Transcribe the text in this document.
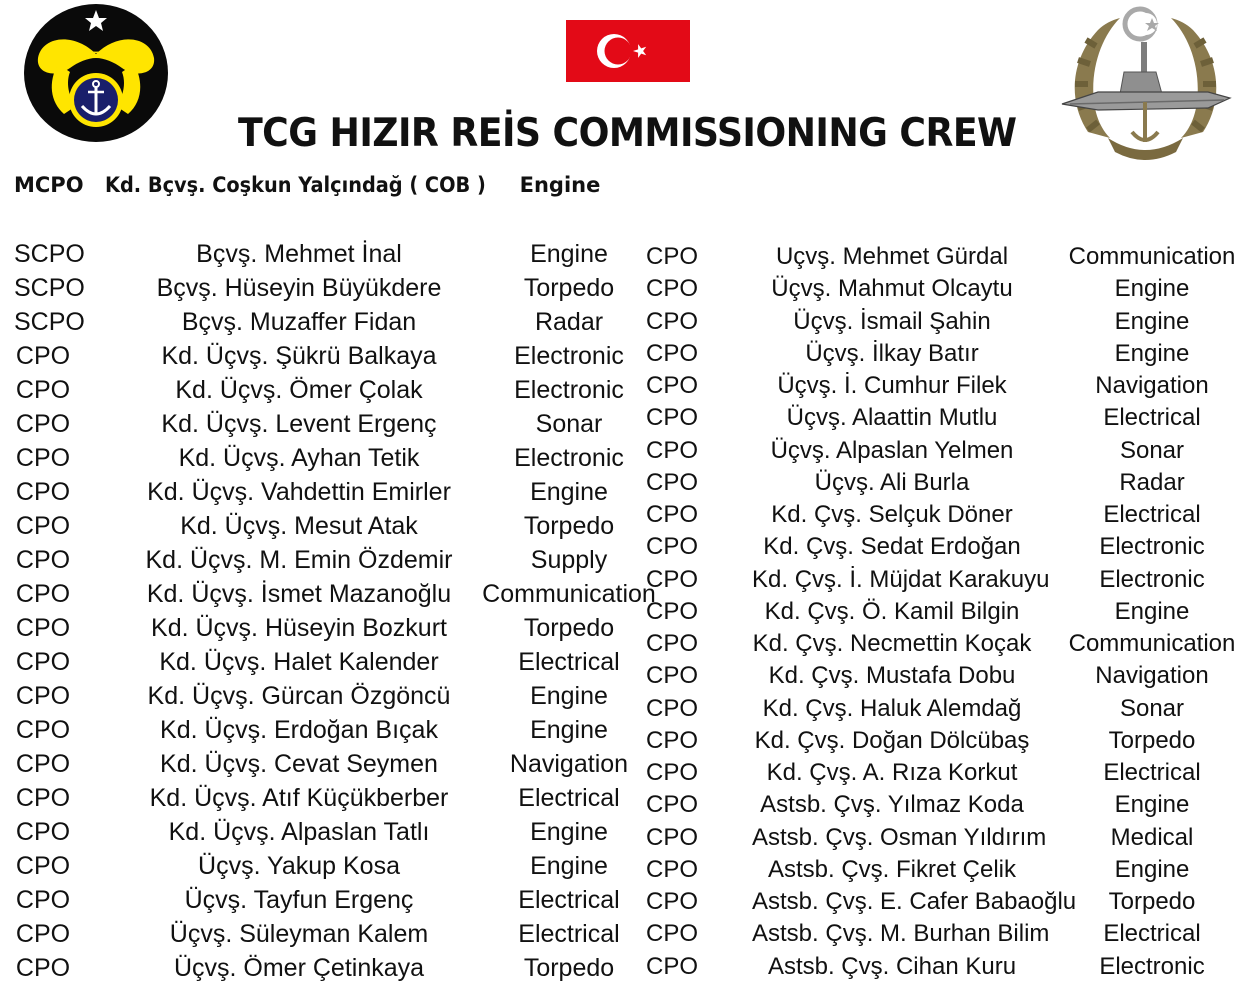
TCG HIZIR REİS COMMISSIONING CREW
MCPO	Kd. Bçvş. Coşkun Yalçındağ ( COB )	Engine
SCPO	Bçvş. Mehmet İnal	Engine
SCPO	Bçvş. Hüseyin Büyükdere	Torpedo
SCPO	Bçvş. Muzaffer Fidan	Radar
CPO	Kd. Üçvş. Şükrü Balkaya	Electronic
CPO	Kd. Üçvş. Ömer Çolak	Electronic
CPO	Kd. Üçvş. Levent Ergenç	Sonar
CPO	Kd. Üçvş. Ayhan Tetik	Electronic
CPO	Kd. Üçvş. Vahdettin Emirler	Engine
CPO	Kd. Üçvş. Mesut Atak	Torpedo
CPO	Kd. Üçvş. M. Emin Özdemir	Supply
CPO	Kd. Üçvş. İsmet Mazanoğlu	Communication
CPO	Kd. Üçvş. Hüseyin Bozkurt	Torpedo
CPO	Kd. Üçvş. Halet Kalender	Electrical
CPO	Kd. Üçvş. Gürcan Özgöncü	Engine
CPO	Kd. Üçvş. Erdoğan Bıçak	Engine
CPO	Kd. Üçvş. Cevat Seymen	Navigation
CPO	Kd. Üçvş. Atıf Küçükberber	Electrical
CPO	Kd. Üçvş. Alpaslan Tatlı	Engine
CPO	Üçvş. Yakup Kosa	Engine
CPO	Üçvş. Tayfun Ergenç	Electrical
CPO	Üçvş. Süleyman Kalem	Electrical
CPO	Üçvş. Ömer Çetinkaya	Torpedo
CPO	Uçvş. Mehmet Gürdal	Communication
CPO	Üçvş. Mahmut Olcaytu	Engine
CPO	Üçvş. İsmail Şahin	Engine
CPO	Üçvş. İlkay Batır	Engine
CPO	Üçvş. İ. Cumhur Filek	Navigation
CPO	Üçvş. Alaattin Mutlu	Electrical
CPO	Üçvş. Alpaslan Yelmen	Sonar
CPO	Üçvş. Ali Burla	Radar
CPO	Kd. Çvş. Selçuk Döner	Electrical
CPO	Kd. Çvş. Sedat Erdoğan	Electronic
CPO Kd. Çvş. İ. Müjdat Karakuyu	Electronic
CPO	Kd. Çvş. Ö. Kamil Bilgin	Engine
CPO Kd. Çvş. Necmettin Koçak Communication
CPO	Kd. Çvş. Mustafa Dobu	Navigation
CPO	Kd. Çvş. Haluk Alemdağ	Sonar
CPO Kd. Çvş. Doğan Dölcübaş	Torpedo
CPO	Kd. Çvş. A. Rıza Korkut	Electrical
CPO	Astsb. Çvş. Yılmaz Koda	Engine
CPO Astsb. Çvş. Osman Yıldırım	Medical
CPO	Astsb. Çvş. Fikret Çelik	Engine
CPO Astsb. Çvş. E. Cafer Babaoğlu	Torpedo
CPO Astsb. Çvş. M. Burhan Bilim	Electrical
CPO	Astsb. Çvş. Cihan Kuru	Electronic
